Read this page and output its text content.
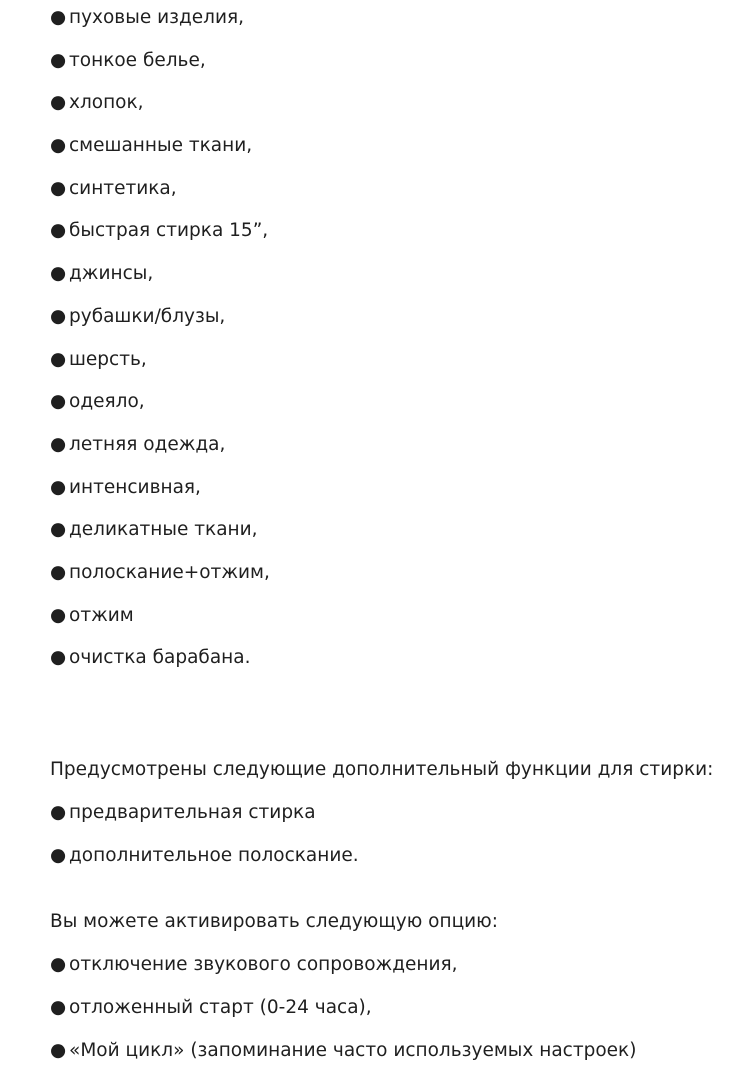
● пуховые изделия,
● тонкое белье,
● хлопок,
● смешанные ткани,
● синтетика,
● быстрая стирка 15”,
● джинсы,
● рубашки/блузы,
● шерсть,
● одеяло,
● летняя одежда,
● интенсивная,
● деликатные ткани,
● полоскание+отжим,
● отжим
● очистка барабана.

Предусмотрены следующие дополнительный функции для стирки:

● предварительная стирка
● дополнительное полоскание.

Вы можете активировать следующую опцию:

● отключение звукового сопровождения,
● отложенный старт (0-24 часа),
● «Мой цикл» (запоминание часто используемых настроек)
